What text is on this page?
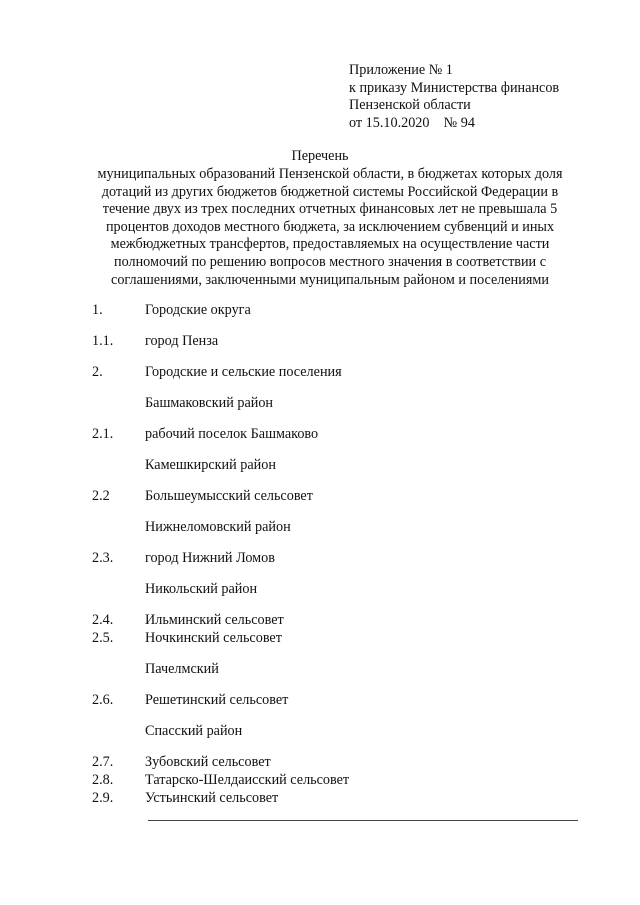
Приложение № 1
к приказу Министерства финансов
Пензенской области
от 15.10.2020    № 94
Перечень
муниципальных образований Пензенской области, в бюджетах которых доля
дотаций из других бюджетов бюджетной системы Российской Федерации в
течение двух из трех последних отчетных финансовых лет не превышала 5
процентов доходов местного бюджета, за исключением субвенций и иных
межбюджетных трансфертов, предоставляемых на осуществление части
полномочий по решению вопросов местного значения в соответствии с
соглашениями, заключенными муниципальным районом и поселениями
1.	Городские округа
1.1. город Пенза
2.	Городские и сельские поселения
Башмаковский район
2.1. рабочий поселок Башмаково
Камешкирский район
2.2 Большеумысский сельсовет
Нижнеломовский район
2.3. город Нижний Ломов
Никольский район
2.4. Ильминский сельсовет
2.5. Ночкинский сельсовет
Пачелмский
2.6. Решетинский сельсовет
Спасский район
2.7. Зубовский сельсовет
2.8. Татарско-Шелдаисский сельсовет
2.9. Устьинский сельсовет
